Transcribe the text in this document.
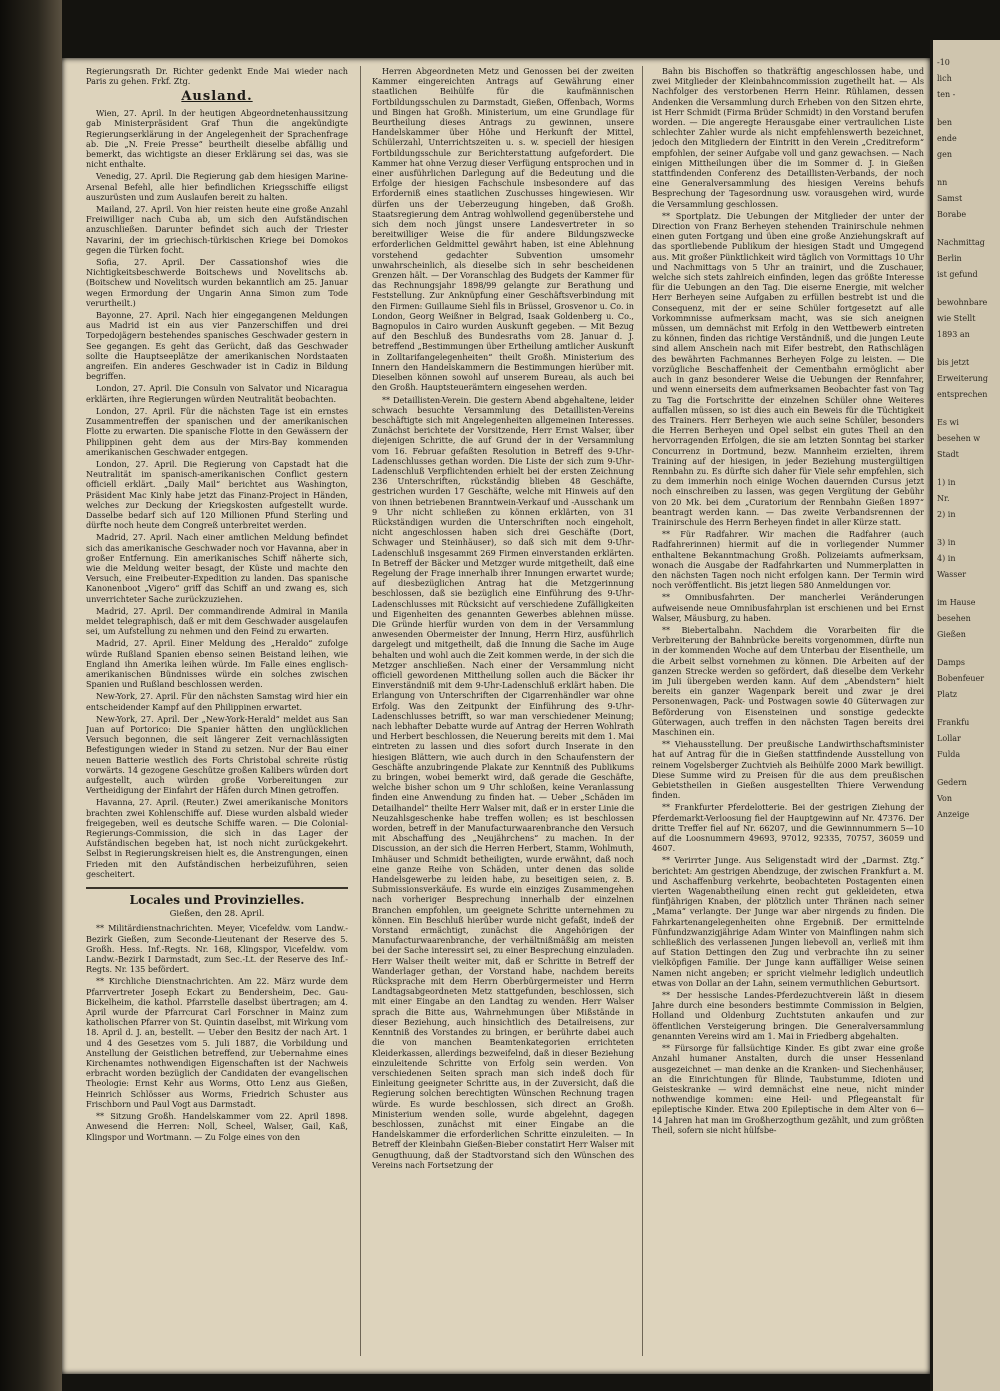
Regierungsrath Dr. Richter gedenkt Ende Mai wieder nach Paris zu gehen. Frkf. Ztg.
Ausland.

Wien, 27. April. In der heutigen Abgeordnetenhaussitzung gab Ministerpräsident Graf Thun die angekündigte Regierungserklärung in der Angelegenheit der Sprachenfrage ab. Die „N. Freie Presse“ beurtheilt dieselbe abfällig und bemerkt, das wichtigste an dieser Erklärung sei das, was sie nicht enthalte.

Venedig, 27. April. Die Regierung gab dem hiesigen Marine-Arsenal Befehl, alle hier befindlichen Kriegsschiffe eiligst auszurüsten und zum Auslaufen bereit zu halten.

Mailand, 27. April. Von hier reisten heute eine große Anzahl Freiwilliger nach Cuba ab, um sich den Aufständischen anzuschließen. Darunter befindet sich auch der Triester Navarini, der im griechisch-türkischen Kriege bei Domokos gegen die Türken focht.

Sofia, 27. April. Der Cassationshof wies die Nichtigkeitsbeschwerde Boitschews und Novelitschs ab. (Boitschew und Novelitsch wurden bekanntlich am 25. Januar wegen Ermordung der Ungarin Anna Simon zum Tode verurtheilt.)

Bayonne, 27. April. Nach hier eingegangenen Meldungen aus Madrid ist ein aus vier Panzerschiffen und drei Torpedojägern bestehendes spanisches Geschwader gestern in See gegangen. Es geht das Gerücht, daß das Geschwader sollte die Hauptseeplätze der amerikanischen Nordstaaten angreifen. Ein anderes Geschwader ist in Cadiz in Bildung begriffen.

London, 27. April. Die Consuln von Salvator und Nicaragua erklärten, ihre Regierungen würden Neutralität beobachten.

London, 27. April. Für die nächsten Tage ist ein ernstes Zusammentreffen der spanischen und der amerikanischen Flotte zu erwarten. Die spanische Flotte in den Gewässern der Philippinen geht dem aus der Mirs-Bay kommenden amerikanischen Geschwader entgegen.

London, 27. April. Die Regierung von Capstadt hat die Neutralität im spanisch-amerikanischen Conflict gestern officiell erklärt. „Daily Mail“ berichtet aus Washington, Präsident Mac Kinly habe jetzt das Finanz-Project in Händen, welches zur Deckung der Kriegskosten aufgestellt wurde. Dasselbe bedarf sich auf 120 Millionen Pfund Sterling und dürfte noch heute dem Congreß unterbreitet werden.

Madrid, 27. April. Nach einer amtlichen Meldung befindet sich das amerikanische Geschwader noch vor Havanna, aber in großer Entfernung. Ein amerikanisches Schiff näherte sich, wie die Meldung weiter besagt, der Küste und machte den Versuch, eine Freibeuter-Expedition zu landen. Das spanische Kanonenboot „Vigero“ griff das Schiff an und zwang es, sich unverrichteter Sache zurückzuziehen.

Madrid, 27. April. Der commandirende Admiral in Manila meldet telegraphisch, daß er mit dem Geschwader ausgelaufen sei, um Aufstellung zu nehmen und den Feind zu erwarten.

Madrid, 27. April. Einer Meldung des „Heraldo“ zufolge würde Rußland Spanien ebenso seinen Beistand leihen, wie England ihn Amerika leihen würde. Im Falle eines englisch-amerikanischen Bündnisses würde ein solches zwischen Spanien und Rußland beschlossen werden.

New-York, 27. April. Für den nächsten Samstag wird hier ein entscheidender Kampf auf den Philippinen erwartet.

New-York, 27. April. Der „New-York-Herald“ meldet aus San Juan auf Portorico: Die Spanier hätten den unglücklichen Versuch begonnen, die seit längerer Zeit vernachlässigten Befestigungen wieder in Stand zu setzen. Nur der Bau einer neuen Batterie westlich des Forts Christobal schreite rüstig vorwärts. 14 gezogene Geschütze großen Kalibers würden dort aufgestellt, auch würden große Vorbereitungen zur Vertheidigung der Einfahrt der Häfen durch Minen getroffen.

Havanna, 27. April. (Reuter.) Zwei amerikanische Monitors brachten zwei Kohlenschiffe auf. Diese wurden alsbald wieder freigegeben, weil es deutsche Schiffe waren. — Die Colonial-Regierungs-Commission, die sich in das Lager der Aufständischen begeben hat, ist noch nicht zurückgekehrt. Selbst in Regierungskreisen hielt es, die Anstrengungen, einen Frieden mit den Aufständischen herbeizuführen, seien gescheitert.

Locales und Provinzielles.
Gießen, den 28. April.

** Militärdienstnachrichten. Meyer, Vicefeldw. vom Landw.-Bezirk Gießen, zum Seconde-Lieutenant der Reserve des 5. Großh. Hess. Inf.-Regts. Nr. 168, Klingspor, Vicefeldw. vom Landw.-Bezirk I Darmstadt, zum Sec.-Lt. der Reserve des Inf.-Regts. Nr. 135 befördert.

** Kirchliche Dienstnachrichten. Am 22. März wurde dem Pfarrvertreter Joseph Eckart zu Bendersheim, Dec. Gau-Bickelheim, die kathol. Pfarrstelle daselbst übertragen; am 4. April wurde der Pfarrcurat Carl Forschner in Mainz zum katholischen Pfarrer von St. Quintin daselbst, mit Wirkung vom 18. April d. J. an, bestellt. — Ueber den Besitz der nach Art. 1 und 4 des Gesetzes vom 5. Juli 1887, die Vorbildung und Anstellung der Geistlichen betreffend, zur Uebernahme eines Kirchenamtes nothwendigen Eigenschaften ist der Nachweis erbracht worden bezüglich der Candidaten der evangelischen Theologie: Ernst Kehr aus Worms, Otto Lenz aus Gießen, Heinrich Schlösser aus Worms, Friedrich Schuster aus Frischborn und Paul Vogt aus Darmstadt.

** Sitzung Großh. Handelskammer vom 22. April 1898. Anwesend die Herren: Noll, Scheel, Walser, Gail, Kaß, Klingspor und Wortmann. — Zu Folge eines von den

Herren Abgeordneten Metz und Genossen bei der zweiten Kammer eingereichten Antrags auf Gewährung einer staatlichen Beihülfe für die kaufmännischen Fortbildungsschulen zu Darmstadt, Gießen, Offenbach, Worms und Bingen hat Großh. Ministerium, um eine Grundlage für Beurtheilung dieses Antrags zu gewinnen, unsere Handelskammer über Höhe und Herkunft der Mittel, Schülerzahl, Unterrichtszeiten u. s. w. speciell der hiesigen Fortbildungsschule zur Berichterstattung aufgefordert. Die Kammer hat ohne Verzug dieser Verfügung entsprochen und in einer ausführlichen Darlegung auf die Bedeutung und die Erfolge der hiesigen Fachschule insbesondere auf das Erforderniß eines staatlichen Zuschusses hingewiesen. Wir dürfen uns der Ueberzeugung hingeben, daß Großh. Staatsregierung dem Antrag wohlwollend gegenüberstehe und sich dem noch jüngst unsere Landesvertreter in so bereitwilliger Weise die für andere Bildungszwecke erforderlichen Geldmittel gewährt haben, ist eine Ablehnung vorstehend gedachter Subvention umsomehr unwahrscheinlich, als dieselbe sich in sehr bescheidenen Grenzen hält. — Der Voranschlag des Budgets der Kammer für das Rechnungsjahr 1898/99 gelangte zur Berathung und Feststellung. Zur Anknüpfung einer Geschäftsverbindung mit den Firmen: Guillaume Siehl fils in Brüssel, Grosvenor u. Co. in London, Georg Weißner in Belgrad, Isaak Goldenberg u. Co., Bagnopulos in Cairo wurden Auskunft gegeben. — Mit Bezug auf den Beschluß des Bundesraths vom 28. Januar d. J. betreffend „Bestimmungen über Ertheilung amtlicher Auskunft in Zolltarifangelegenheiten“ theilt Großh. Ministerium des Innern den Handelskammern die Bestimmungen hierüber mit. Dieselben können sowohl auf unserem Bureau, als auch bei den Großh. Hauptsteuerämtern eingesehen werden.

** Detaillisten-Verein. Die gestern Abend abgehaltene, leider schwach besuchte Versammlung des Detaillisten-Vereins beschäftigte sich mit Angelegenheiten allgemeinen Interesses. Zunächst berichtete der Vorsitzende, Herr Ernst Walser, über diejenigen Schritte, die auf Grund der in der Versammlung vom 16. Februar gefaßten Resolution in Betreff des 9-Uhr-Ladenschlusses gethan worden. Die Liste der sich zum 9-Uhr-Ladenschluß Verpflichtenden erhielt bei der ersten Zeichnung 236 Unterschriften, rückständig blieben 48 Geschäfte, gestrichen wurden 17 Geschäfte, welche mit Hinweis auf den von ihnen betriebenen Branntwein-Verkauf und -Ausschank um 9 Uhr nicht schließen zu können erklärten, von 31 Rückständigen wurden die Unterschriften noch eingeholt, nicht angeschlossen haben sich drei Geschäfte (Dort, Schwager und Steinhäuser), so daß sich mit dem 9-Uhr-Ladenschluß insgesammt 269 Firmen einverstanden erklärten. In Betreff der Bäcker und Metzger wurde mitgetheilt, daß eine Regelung der Frage innerhalb ihrer Innungen erwartet wurde; auf diesbezüglichen Antrag hat die Metzgerinnung beschlossen, daß sie bezüglich eine Einführung des 9-Uhr-Ladenschlusses mit Rücksicht auf verschiedene Zufälligkeiten und Eigenheiten des genannten Gewerbes ablehnen müsse. Die Gründe hierfür wurden von dem in der Versammlung anwesenden Obermeister der Innung, Herrn Hirz, ausführlich dargelegt und mitgetheilt, daß die Innung die Sache im Auge behalten und wohl auch die Zeit kommen werde, in der sich die Metzger anschließen. Nach einer der Versammlung nicht officiell gewordenen Mittheilung sollen auch die Bäcker ihr Einverständniß mit dem 9-Uhr-Ladenschluß erklärt haben. Die Erlangung von Unterschriften der Cigarrenhändler war ohne Erfolg. Was den Zeitpunkt der Einführung des 9-Uhr-Ladenschlusses betrifft, so war man verschiedener Meinung; nach lebhafter Debatte wurde auf Antrag der Herren Wohlrath und Herbert beschlossen, die Neuerung bereits mit dem 1. Mai eintreten zu lassen und dies sofort durch Inserate in den hiesigen Blättern, wie auch durch in den Schaufenstern der Geschäfte anzubringende Plakate zur Kenntniß des Publikums zu bringen, wobei bemerkt wird, daß gerade die Geschäfte, welche bisher schon um 9 Uhr schloßen, keine Veranlassung finden eine Anwendung zu finden hat. — Ueber „Schäden im Detailhandel“ theilte Herr Walser mit, daß er in erster Linie die Neuzahlsgeschenke habe treffen wollen; es ist beschlossen worden, betreff in der Manufacturwaarenbranche den Versuch mit Abschaffung des „Neujährchens“ zu machen. In der Discussion, an der sich die Herren Herbert, Stamm, Wohlmuth, Imhäuser und Schmidt betheiligten, wurde erwähnt, daß noch eine ganze Reihe von Schäden, unter denen das solide Handelsgewerbe zu leiden habe, zu beseitigen seien, z. B. Submissionsverkäufe. Es wurde ein einziges Zusammengehen nach vorheriger Besprechung innerhalb der einzelnen Branchen empfohlen, um geeignete Schritte unternehmen zu können. Ein Beschluß hierüber wurde nicht gefaßt, indeß der Vorstand ermächtigt, zunächst die Angehörigen der Manufacturwaarenbranche, der verhältnißmäßig am meisten bei der Sache interessirt sei, zu einer Besprechung einzuladen. Herr Walser theilt weiter mit, daß er Schritte in Betreff der Wanderlager gethan, der Vorstand habe, nachdem bereits Rücksprache mit dem Herrn Oberbürgermeister und Herrn Landtagsabgeordneten Metz stattgefunden, beschlossen, sich mit einer Eingabe an den Landtag zu wenden. Herr Walser sprach die Bitte aus, Wahrnehmungen über Mißstände in dieser Beziehung, auch hinsichtlich des Detailreisens, zur Kenntniß des Vorstandes zu bringen, er berührte dabei auch die von manchen Beamtenkategorien errichteten Kleiderkassen, allerdings bezweifelnd, daß in dieser Beziehung einzuleitende Schritte von Erfolg sein werden. Von verschiedenen Seiten sprach man sich indeß doch für Einleitung geeigneter Schritte aus, in der Zuversicht, daß die Regierung solchen berechtigten Wünschen Rechnung tragen würde. Es wurde beschlossen, sich direct an Großh. Ministerium wenden solle, wurde abgelehnt, dagegen beschlossen, zunächst mit einer Eingabe an die Handelskammer die erforderlichen Schritte einzuleiten. — In Betreff der Kleinbahn Gießen-Bieber constatirt Herr Walser mit Genugthuung, daß der Stadtvorstand sich den Wünschen des Vereins nach Fortsetzung der

Bahn bis Bischoffen so thatkräftig angeschlossen habe, und zwei Mitglieder der Kleinbahncommission zugetheilt hat. — Als Nachfolger des verstorbenen Herrn Heinr. Rühlamen, dessen Andenken die Versammlung durch Erheben von den Sitzen ehrte, ist Herr Schmidt (Firma Brüder Schmidt) in den Vorstand berufen worden. — Die angeregte Herausgabe einer vertraulichen Liste schlechter Zahler wurde als nicht empfehlenswerth bezeichnet, jedoch den Mitgliedern der Eintritt in den Verein „Creditreform“ empfohlen, der seiner Aufgabe voll und ganz gewachsen. — Nach einigen Mittheilungen über die im Sommer d. J. in Gießen stattfindenden Conferenz des Detaillisten-Verbands, der noch eine Generalversammlung des hiesigen Vereins behufs Besprechung der Tagesordnung usw. vorausgehen wird, wurde die Versammlung geschlossen.

** Sportplatz. Die Uebungen der Mitglieder der unter der Direction von Franz Berheyen stehenden Trainirschule nehmen einen guten Fortgang und üben eine große Anziehungskraft auf das sportliebende Publikum der hiesigen Stadt und Umgegend aus. Mit großer Pünktlichkeit wird täglich von Vormittags 10 Uhr und Nachmittags von 5 Uhr an trainirt, und die Zuschauer, welche sich stets zahlreich einfinden, legen das größte Interesse für die Uebungen an den Tag. Die eiserne Energie, mit welcher Herr Berheyen seine Aufgaben zu erfüllen bestrebt ist und die Consequenz, mit der er seine Schüler fortgesetzt auf alle Vorkommnisse aufmerksam macht, was sie sich aneignen müssen, um demnächst mit Erfolg in den Wettbewerb eintreten zu können, finden das richtige Verständniß, und die jungen Leute sind allem Anschein nach mit Eifer bestrebt, den Rathschlägen des bewährten Fachmannes Berheyen Folge zu leisten. — Die vorzügliche Beschaffenheit der Cementbahn ermöglicht aber auch in ganz besonderer Weise die Uebungen der Rennfahrer, und wenn einerseits dem aufmerksamen Beobachter fast von Tag zu Tag die Fortschritte der einzelnen Schüler ohne Weiteres auffallen müssen, so ist dies auch ein Beweis für die Tüchtigkeit des Trainers. Herr Berheyen wie auch seine Schüler, besonders die Herren Berheyen und Opel selbst ein gutes Theil an den hervorragenden Erfolgen, die sie am letzten Sonntag bei starker Concurrenz in Dortmund, bezw. Mannheim erzielten, ihrem Training auf der hiesigen, in jeder Beziehung mustergültigen Rennbahn zu. Es dürfte sich daher für Viele sehr empfehlen, sich zu dem immerhin noch einige Wochen dauernden Cursus jetzt noch einschreiben zu lassen, was gegen Vergütung der Gebühr von 20 Mk. bei dem „Curatorium der Rennbahn Gießen 1897“ beantragt werden kann. — Das zweite Verbandsrennen der Trainirschule des Herrn Berheyen findet in aller Kürze statt.

** Für Radfahrer. Wir machen die Radfahrer (auch Radfahrerinnen) hiermit auf die in vorliegender Nummer enthaltene Bekanntmachung Großh. Polizeiamts aufmerksam, wonach die Ausgabe der Radfahrkarten und Nummerplatten in den nächsten Tagen noch nicht erfolgen kann. Der Termin wird noch veröffentlicht. Bis jetzt liegen 580 Anmeldungen vor.

** Omnibusfahrten. Der mancherlei Veränderungen aufweisende neue Omnibusfahrplan ist erschienen und bei Ernst Walser, Mäusburg, zu haben.

** Biebertalbahn. Nachdem die Vorarbeiten für die Verbreiterung der Bahnbrücke bereits vorgenommen, dürfte nun in der kommenden Woche auf dem Unterbau der Eisentheile, um die Arbeit selbst vornehmen zu können. Die Arbeiten auf der ganzen Strecke werden so gefördert, daß dieselbe dem Verkehr im Juli übergeben werden kann. Auf dem „Abendstern“ hielt bereits ein ganzer Wagenpark bereit und zwar je drei Personenwagen, Pack- und Postwagen sowie 40 Güterwagen zur Beförderung von Eisensteinen und sonstige gedeckte Güterwagen, auch treffen in den nächsten Tagen bereits drei Maschinen ein.

** Viehausstellung. Der preußische Landwirthschaftsminister hat auf Antrag für die in Gießen stattfindende Ausstellung von reinem Vogelsberger Zuchtvieh als Beihülfe 2000 Mark bewilligt. Diese Summe wird zu Preisen für die aus dem preußischen Gebietstheilen in Gießen ausgestellten Thiere Verwendung finden.

** Frankfurter Pferdelotterie. Bei der gestrigen Ziehung der Pferdemarkt-Verloosung fiel der Hauptgewinn auf Nr. 47376. Der dritte Treffer fiel auf Nr. 66207, und die Gewinnnummern 5—10 auf die Loosnummern 49693, 97012, 92335, 70757, 36059 und 4607.

** Verirrter Junge. Aus Seligenstadt wird der „Darmst. Ztg.“ berichtet: Am gestrigen Abendzuge, der zwischen Frankfurt a. M. und Aschaffenburg verkehrte, beobachteten Postagenten einen vierten Wagenabtheilung einen recht gut gekleideten, etwa fünfjährigen Knaben, der plötzlich unter Thränen nach seiner „Mama“ verlangte. Der Junge war aber nirgends zu finden. Die Fahrkartenangelegenheiten ohne Ergebniß. Der ermittelnde Fünfundzwanzigjährige Adam Winter von Mainflingen nahm sich schließlich des verlassenen Jungen liebevoll an, verließ mit ihm auf Station Dettingen den Zug und verbrachte ihn zu seiner vielköpfigen Familie. Der Junge kann auffälliger Weise seinen Namen nicht angeben; er spricht vielmehr lediglich undeutlich etwas von Dollar an der Lahn, seinem vermuthlichen Geburtsort.

** Der hessische Landes-Pferdezuchtverein läßt in diesem Jahre durch eine besonders bestimmte Commission in Belgien, Holland und Oldenburg Zuchtstuten ankaufen und zur öffentlichen Versteigerung bringen. Die Generalversammlung genannten Vereins wird am 1. Mai in Friedberg abgehalten.

** Fürsorge für fallsüchtige Kinder. Es gibt zwar eine große Anzahl humaner Anstalten, durch die unser Hessenland ausgezeichnet — man denke an die Kranken- und Siechenhäuser, an die Einrichtungen für Blinde, Taubstumme, Idioten und Geisteskranke — wird demnächst eine neue, nicht minder nothwendige kommen: eine Heil- und Pflegeanstalt für epileptische Kinder. Etwa 200 Epileptische in dem Alter von 6—14 Jahren hat man im Großherzogthum gezählt, und zum größten Theil, sofern sie nicht hülfsbe-

-10
lich
ten -
ben
ende
gen
nn
Samst
Borabe
Nachmittag
Berlin
ist gefund
bewohnbare
wie Stellt
1893 an
bis jetzt
Erweiterung
entsprechen
Es wi
besehen w
Stadt
1) in
Nr.
2) in
3) in
4) in
Wasser
im Hause
besehen
Gießen
Damps
Bobenfeuer
Platz
Frankfu
Lollar
Fulda
Gedern
Von
Anzeige
